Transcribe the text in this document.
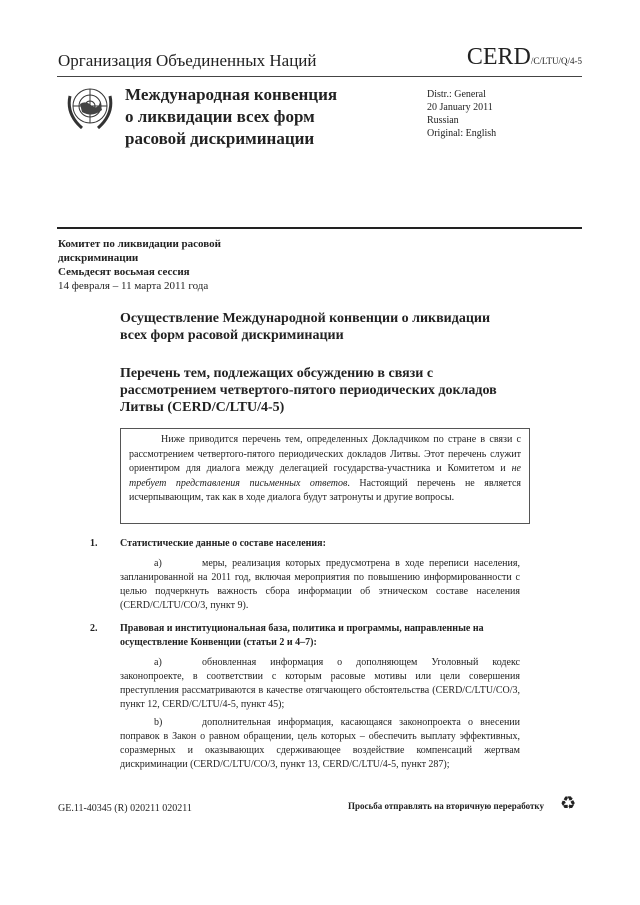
Организация Объединенных Наций	CERD/C/LTU/Q/4-5
Международная конвенция
о ликвидации всех форм
расовой дискриминации
Distr.: General
20 January 2011
Russian
Original: English
Комитет по ликвидации расовой
дискриминации
Семьдесят восьмая сессия
14 февраля – 11 марта 2011 года
Осуществление Международной конвенции о ликвидации всех форм расовой дискриминации
Перечень тем, подлежащих обсуждению в связи с рассмотрением четвертого-пятого периодических докладов Литвы (CERD/C/LTU/4-5)
Ниже приводится перечень тем, определенных Докладчиком по стране в связи с рассмотрением четвертого-пятого периодических докладов Литвы. Этот перечень служит ориентиром для диалога между делегацией государства-участника и Комитетом и не требует представления письменных ответов. Настоящий перечень не является исчерпывающим, так как в ходе диалога будут затронуты и другие вопросы.
1. Статистические данные о составе населения:
a)	меры, реализация которых предусмотрена в ходе переписи населения, запланированной на 2011 год, включая мероприятия по повышению информированности с целью подчеркнуть важность сбора информации об этническом составе населения (CERD/C/LTU/CO/3, пункт 9).
2. Правовая и институциональная база, политика и программы, направленные на осуществление Конвенции (статьи 2 и 4–7):
a)	обновленная информация о дополняющем Уголовный кодекс законопроекте, в соответствии с которым расовые мотивы или цели совершения преступления рассматриваются в качестве отягчающего обстоятельства (CERD/C/LTU/CO/3, пункт 12, CERD/C/LTU/4-5, пункт 45);
b)	дополнительная информация, касающаяся законопроекта о внесении поправок в Закон о равном обращении, цель которых – обеспечить выплату эффективных, соразмерных и оказывающих сдерживающее воздействие компенсаций жертвам дискриминации (CERD/C/LTU/CO/3, пункт 13, CERD/C/LTU/4-5, пункт 287);
GE.11-40345 (R) 020211 020211	Просьба отправлять на вторичную переработку ♻
